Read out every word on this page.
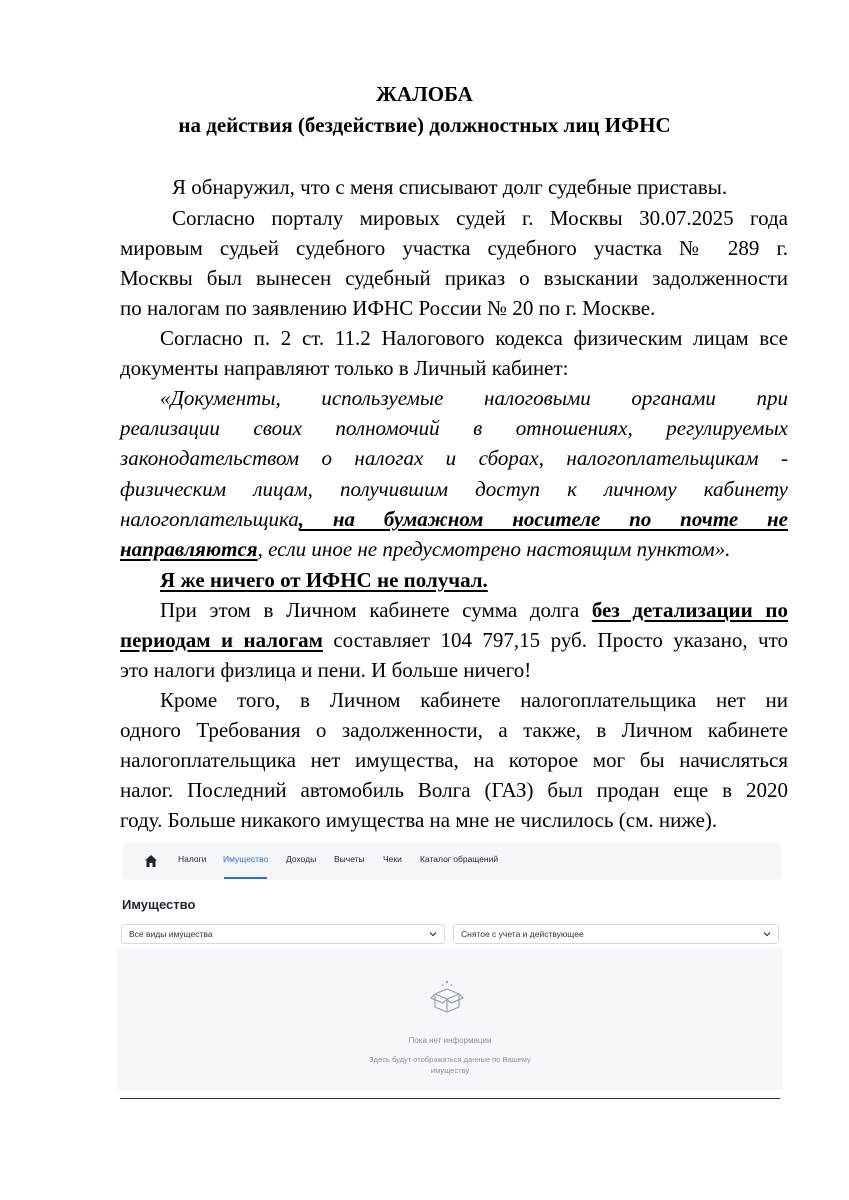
ЖАЛОБА
на действия (бездействие) должностных лиц ИФНС
Я обнаружил, что с меня списывают долг судебные приставы.
Согласно порталу мировых судей г. Москвы 30.07.2025 года
мировым судьей судебного участка судебного участка № 289 г.
Москвы был вынесен судебный приказ о взыскании задолженности
по налогам по заявлению ИФНС России № 20 по г. Москве.
Согласно п. 2 ст. 11.2 Налогового кодекса физическим лицам все
документы направляют только в Личный кабинет:
«Документы, используемые налоговыми органами при
реализации своих полномочий в отношениях, регулируемых
законодательством о налогах и сборах, налогоплательщикам -
физическим лицам, получившим доступ к личному кабинету
налогоплательщика, на бумажном носителе по почте не
направляются, если иное не предусмотрено настоящим пунктом».
Я же ничего от ИФНС не получал.
При этом в Личном кабинете сумма долга без детализации по
периодам и налогам составляет 104 797,15 руб. Просто указано, что
это налоги физлица и пени. И больше ничего!
Кроме того, в Личном кабинете налогоплательщика нет ни
одного Требования о задолженности, а также, в Личном кабинете
налогоплательщика нет имущества, на которое мог бы начисляться
налог. Последний автомобиль Волга (ГАЗ) был продан еще в 2020
году. Больше никакого имущества на мне не числилось (см. ниже).
Налоги Имущество Доходы Вычеты Чеки Каталог обращений
Имущество
Все виды имущества	Снятое с учета и действующее
Пока нет информации
Здесь будут отображаться данные по Вашему имуществу
